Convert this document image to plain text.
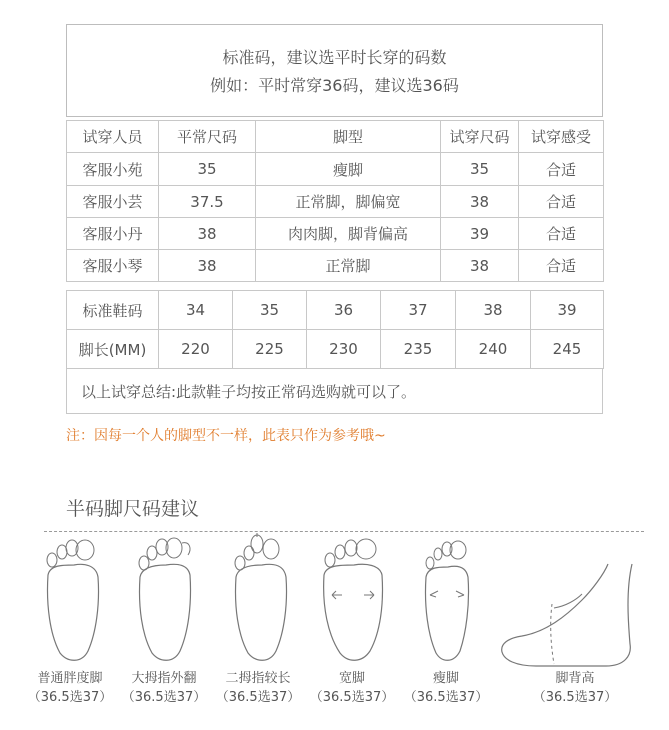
标准码，建议选平时长穿的码数
例如：平时常穿36码，建议选36码
试穿人员	平常尺码	脚型	试穿尺码	试穿感受
客服小苑	35	瘦脚	35	合适
客服小芸	37.5	正常脚，脚偏宽	38	合适
客服小丹	38	肉肉脚，脚背偏高	39	合适
客服小琴	38	正常脚	38	合适
标准鞋码	34	35	36	37	38	39
脚长(MM)	220	225	230	235	240	245
以上试穿总结:此款鞋子均按正常码选购就可以了。
注：因每一个人的脚型不一样，此表只作为参考哦~
半码脚尺码建议
普通胖度脚
（36.5选37）
大拇指外翻
（36.5选37）
二拇指较长
（36.5选37）
宽脚
（36.5选37）
瘦脚
（36.5选37）
脚背高
（36.5选37）
